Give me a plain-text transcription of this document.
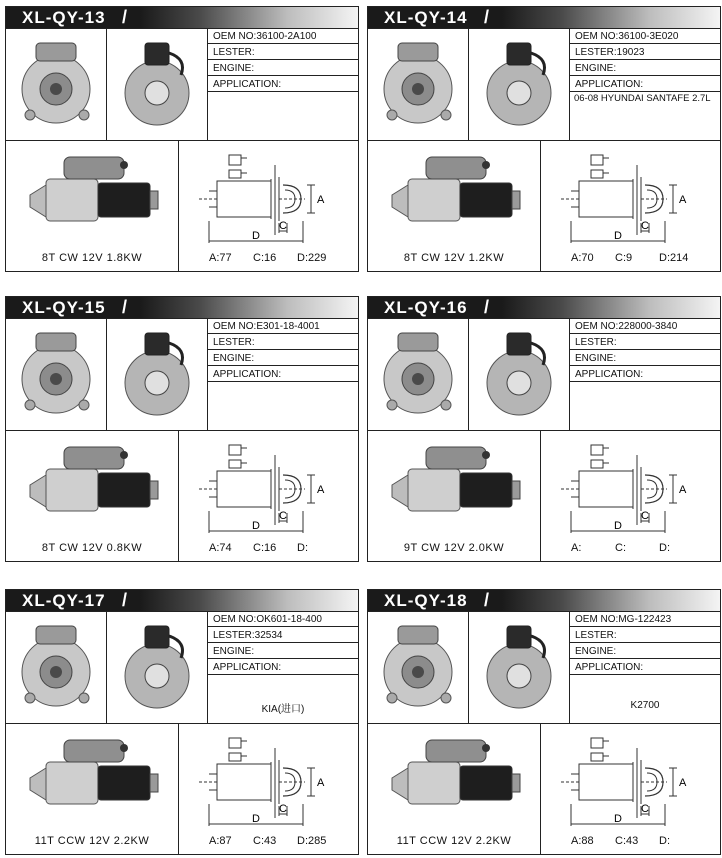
XL-QY-13 /
OEM NO:36100-2A100
LESTER:
ENGINE:
APPLICATION:
8T CW 12V 1.8KW
A
C
D
A:77 C:16 D:229
XL-QY-14 /
OEM NO:36100-3E020
LESTER:19023
ENGINE:
APPLICATION:
06-08 HYUNDAI SANTAFE 2.7L
8T CW 12V 1.2KW
A
C
D
A:70 C:9 D:214
XL-QY-15 /
OEM NO:E301-18-4001
LESTER:
ENGINE:
APPLICATION:
8T CW 12V 0.8KW
A
C
D
A:74 C:16 D:
XL-QY-16 /
OEM NO:228000-3840
LESTER:
ENGINE:
APPLICATION:
9T CW 12V 2.0KW
A
C
D
A:	C:	D:
XL-QY-17 /
OEM NO:OK601-18-400
LESTER:32534
ENGINE:
APPLICATION:
KIA(进口)
11T CCW 12V 2.2KW
A
C
D
A:87 C:43 D:285
XL-QY-18 /
OEM NO:MG-122423
LESTER:
ENGINE:
APPLICATION:
K2700
11T CCW 12V 2.2KW
A
C
D
A:88 C:43 D:
